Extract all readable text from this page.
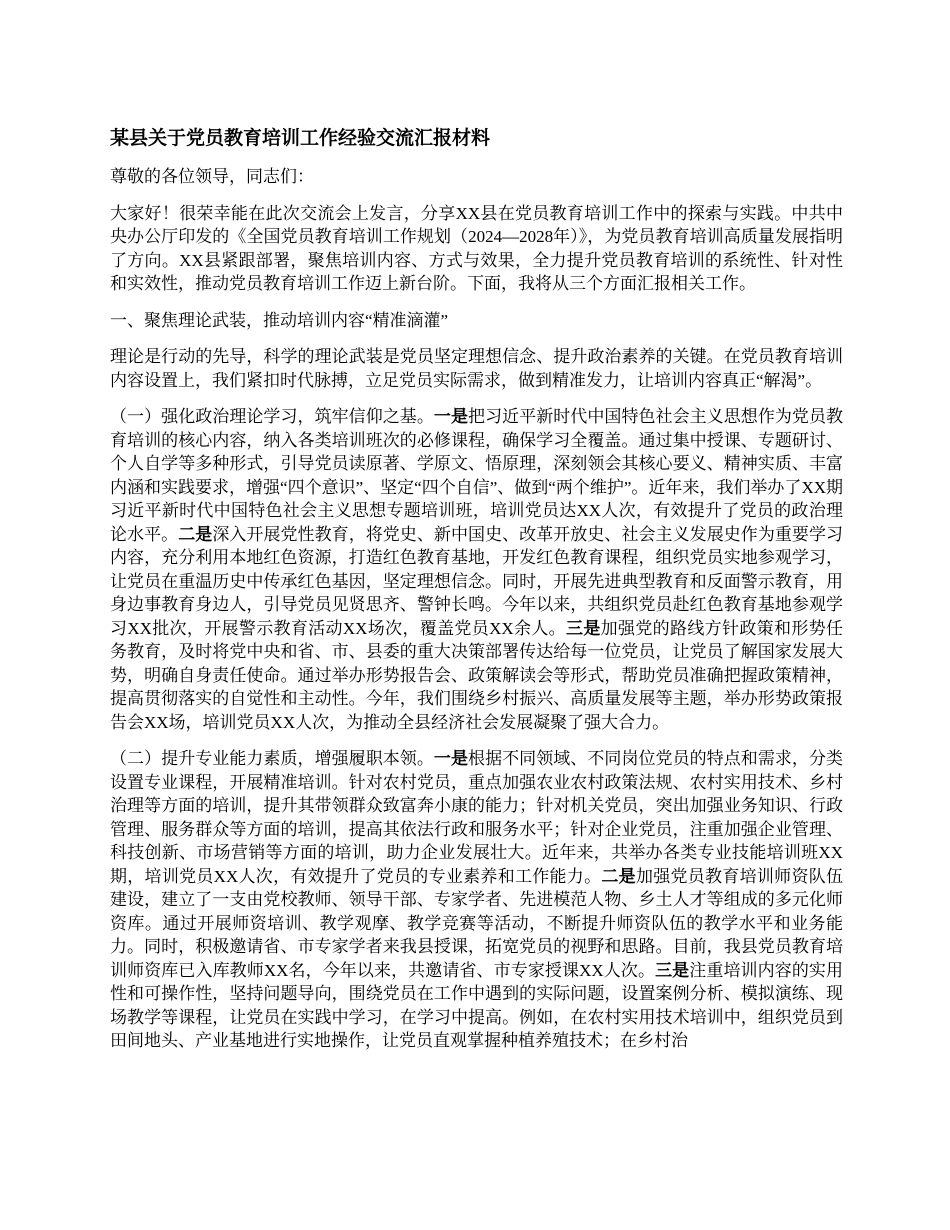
某县关于党员教育培训工作经验交流汇报材料

尊敬的各位领导，同志们：

大家好！很荣幸能在此次交流会上发言，分享XX县在党员教育培训工作中的探索与实践。中共中央办公厅印发的《全国党员教育培训工作规划（2024—2028年）》，为党员教育培训高质量发展指明了方向。XX县紧跟部署，聚焦培训内容、方式与效果，全力提升党员教育培训的系统性、针对性和实效性，推动党员教育培训工作迈上新台阶。下面，我将从三个方面汇报相关工作。

一、聚焦理论武装，推动培训内容“精准滴灌”

理论是行动的先导，科学的理论武装是党员坚定理想信念、提升政治素养的关键。在党员教育培训内容设置上，我们紧扣时代脉搏，立足党员实际需求，做到精准发力，让培训内容真正“解渴”。

（一）强化政治理论学习，筑牢信仰之基。一是把习近平新时代中国特色社会主义思想作为党员教育培训的核心内容，纳入各类培训班次的必修课程，确保学习全覆盖。通过集中授课、专题研讨、个人自学等多种形式，引导党员读原著、学原文、悟原理，深刻领会其核心要义、精神实质、丰富内涵和实践要求，增强“四个意识”、坚定“四个自信”、做到“两个维护”。近年来，我们举办了XX期习近平新时代中国特色社会主义思想专题培训班，培训党员达XX人次，有效提升了党员的政治理论水平。二是深入开展党性教育，将党史、新中国史、改革开放史、社会主义发展史作为重要学习内容，充分利用本地红色资源，打造红色教育基地，开发红色教育课程，组织党员实地参观学习，让党员在重温历史中传承红色基因，坚定理想信念。同时，开展先进典型教育和反面警示教育，用身边事教育身边人，引导党员见贤思齐、警钟长鸣。今年以来，共组织党员赴红色教育基地参观学习XX批次，开展警示教育活动XX场次，覆盖党员XX余人。三是加强党的路线方针政策和形势任务教育，及时将党中央和省、市、县委的重大决策部署传达给每一位党员，让党员了解国家发展大势，明确自身责任使命。通过举办形势报告会、政策解读会等形式，帮助党员准确把握政策精神，提高贯彻落实的自觉性和主动性。今年，我们围绕乡村振兴、高质量发展等主题，举办形势政策报告会XX场，培训党员XX人次，为推动全县经济社会发展凝聚了强大合力。

（二）提升专业能力素质，增强履职本领。一是根据不同领域、不同岗位党员的特点和需求，分类设置专业课程，开展精准培训。针对农村党员，重点加强农业农村政策法规、农村实用技术、乡村治理等方面的培训，提升其带领群众致富奔小康的能力；针对机关党员，突出加强业务知识、行政管理、服务群众等方面的培训，提高其依法行政和服务水平；针对企业党员，注重加强企业管理、科技创新、市场营销等方面的培训，助力企业发展壮大。近年来，共举办各类专业技能培训班XX期，培训党员XX人次，有效提升了党员的专业素养和工作能力。二是加强党员教育培训师资队伍建设，建立了一支由党校教师、领导干部、专家学者、先进模范人物、乡土人才等组成的多元化师资库。通过开展师资培训、教学观摩、教学竞赛等活动，不断提升师资队伍的教学水平和业务能力。同时，积极邀请省、市专家学者来我县授课，拓宽党员的视野和思路。目前，我县党员教育培训师资库已入库教师XX名，今年以来，共邀请省、市专家授课XX人次。三是注重培训内容的实用性和可操作性，坚持问题导向，围绕党员在工作中遇到的实际问题，设置案例分析、模拟演练、现场教学等课程，让党员在实践中学习，在学习中提高。例如，在农村实用技术培训中，组织党员到田间地头、产业基地进行实地操作，让党员直观掌握种植养殖技术；在乡村治
